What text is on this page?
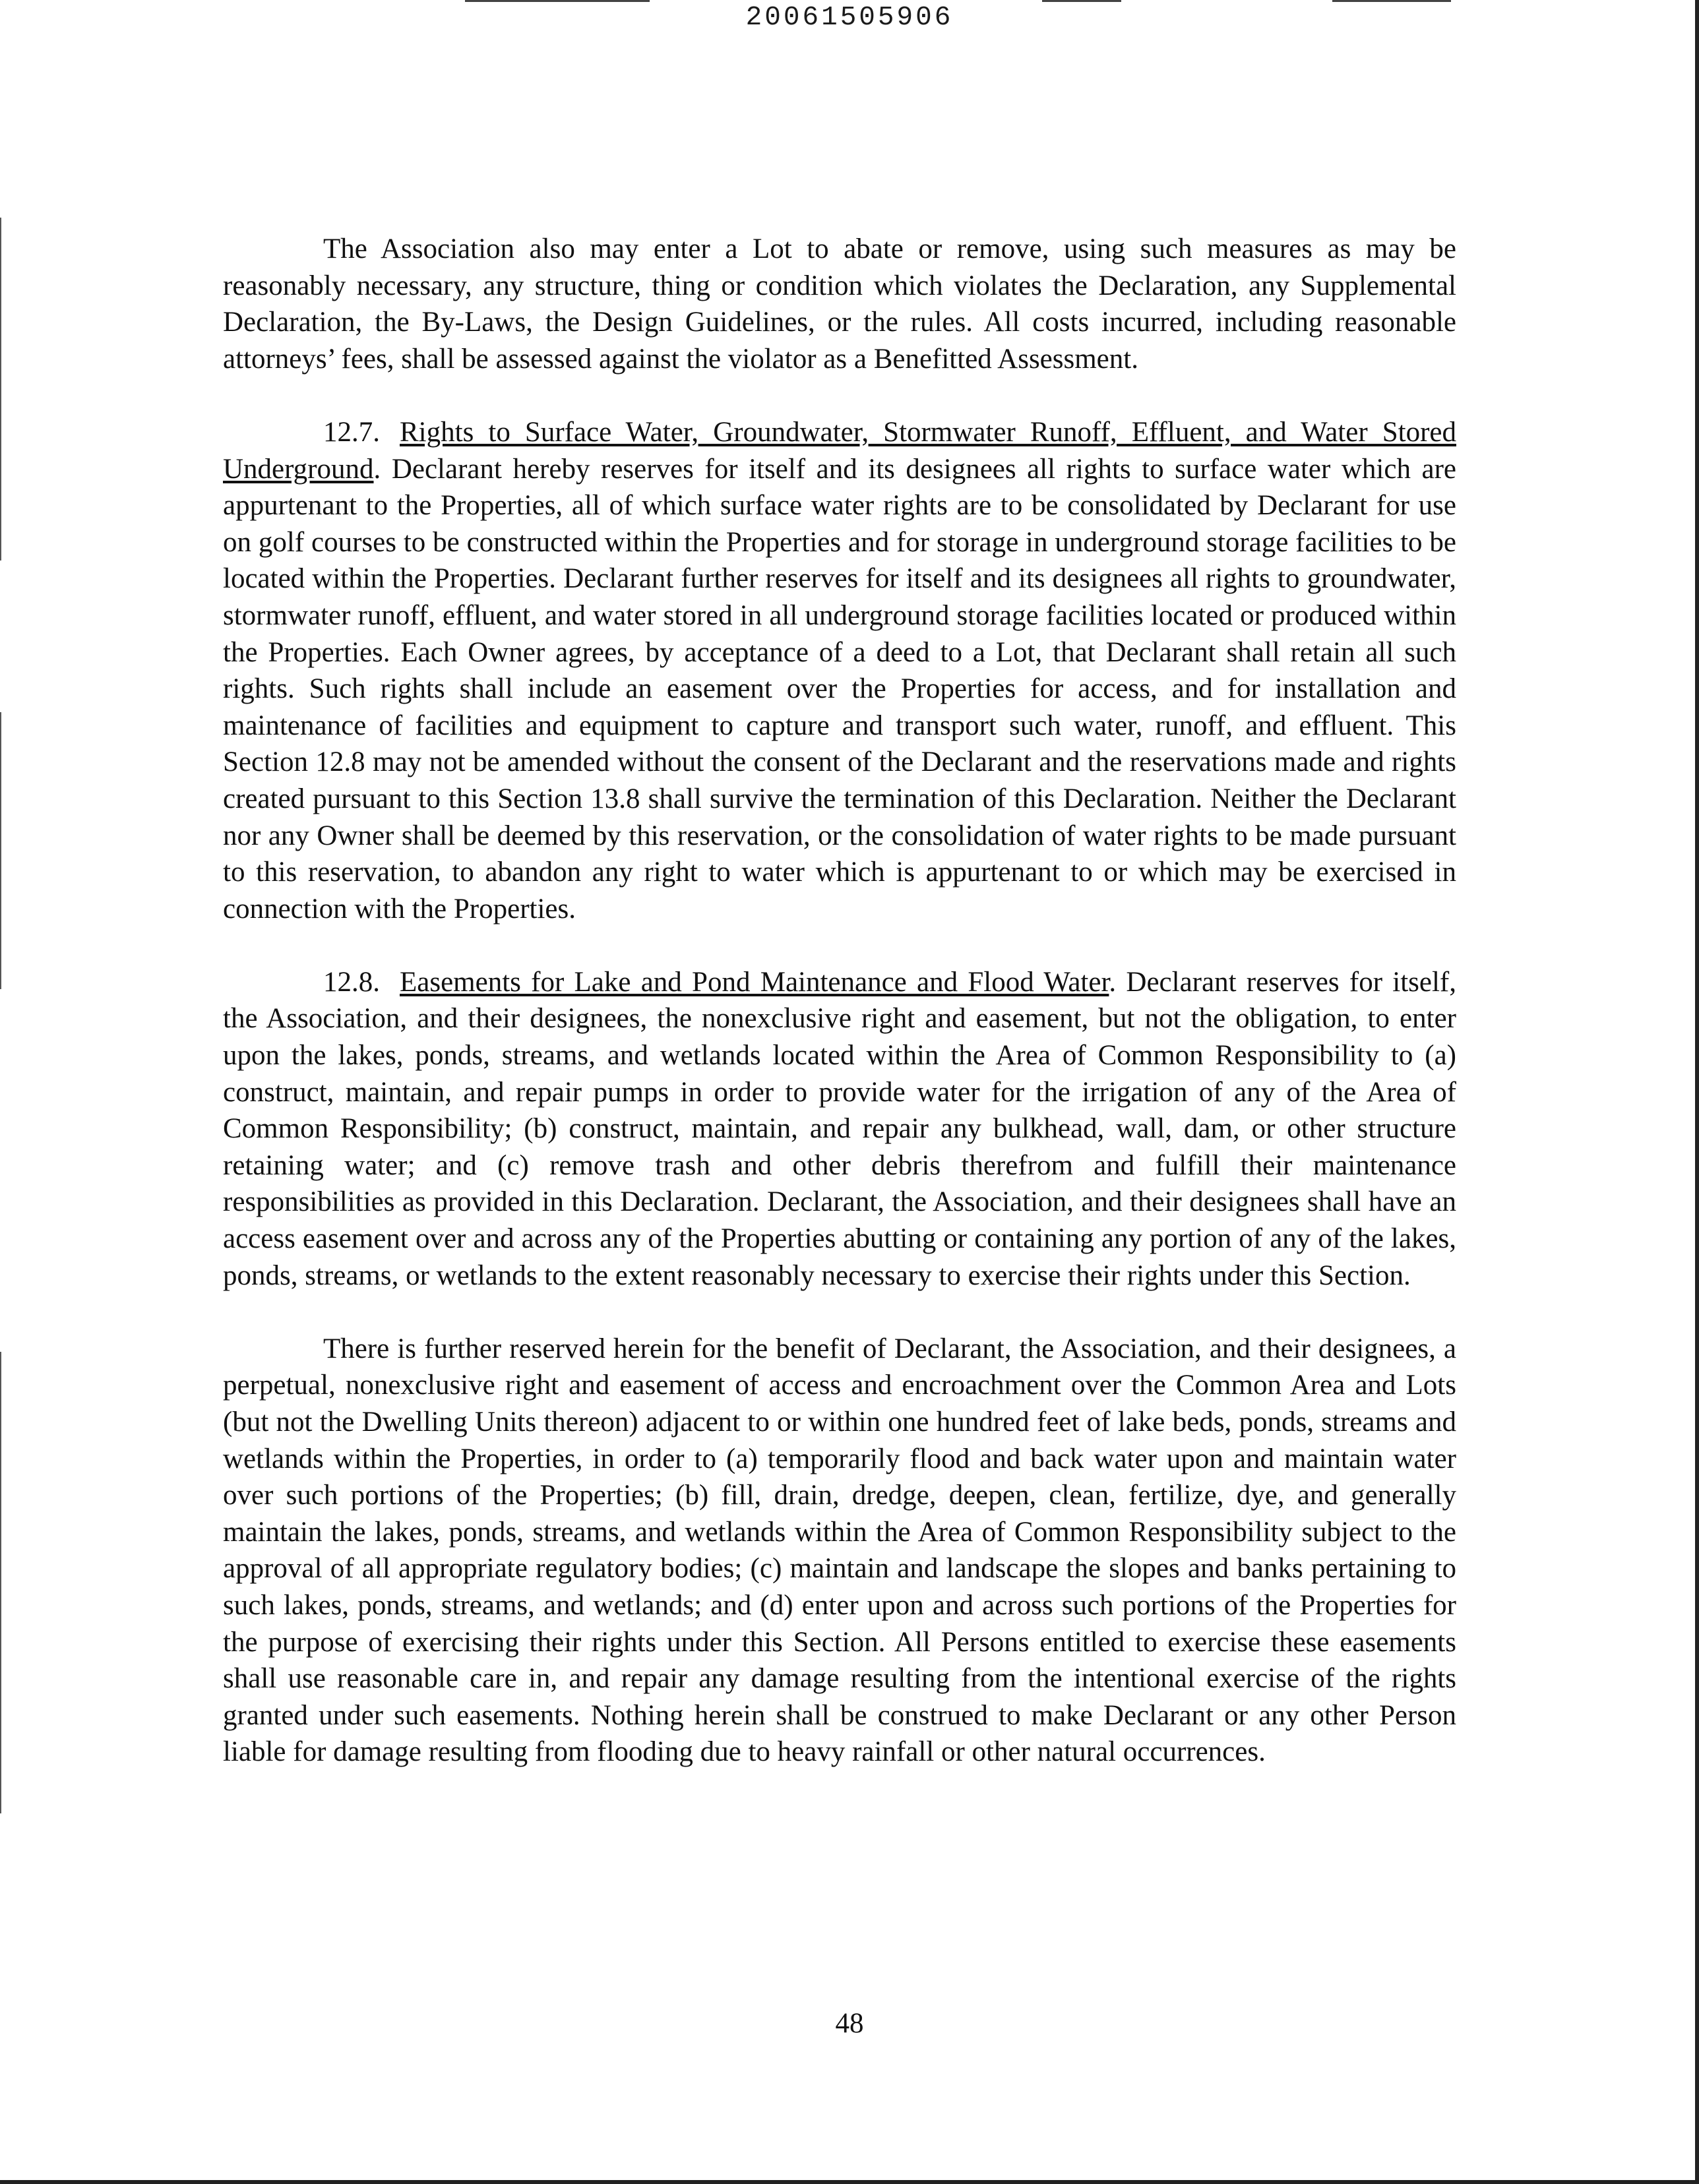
20061505906

The Association also may enter a Lot to abate or remove, using such measures as may be reasonably necessary, any structure, thing or condition which violates the Declaration, any Supplemental Declaration, the By-Laws, the Design Guidelines, or the rules. All costs incurred, including reasonable attorneys’ fees, shall be assessed against the violator as a Benefitted Assessment.

12.7. Rights to Surface Water, Groundwater, Stormwater Runoff, Effluent, and Water Stored Underground. Declarant hereby reserves for itself and its designees all rights to surface water which are appurtenant to the Properties, all of which surface water rights are to be consolidated by Declarant for use on golf courses to be constructed within the Properties and for storage in underground storage facilities to be located within the Properties. Declarant further reserves for itself and its designees all rights to groundwater, stormwater runoff, effluent, and water stored in all underground storage facilities located or produced within the Properties. Each Owner agrees, by acceptance of a deed to a Lot, that Declarant shall retain all such rights. Such rights shall include an easement over the Properties for access, and for installation and maintenance of facilities and equipment to capture and transport such water, runoff, and effluent. This Section 12.8 may not be amended without the consent of the Declarant and the reservations made and rights created pursuant to this Section 13.8 shall survive the termination of this Declaration. Neither the Declarant nor any Owner shall be deemed by this reservation, or the consolidation of water rights to be made pursuant to this reservation, to abandon any right to water which is appurtenant to or which may be exercised in connection with the Properties.

12.8. Easements for Lake and Pond Maintenance and Flood Water. Declarant reserves for itself, the Association, and their designees, the nonexclusive right and easement, but not the obligation, to enter upon the lakes, ponds, streams, and wetlands located within the Area of Common Responsibility to (a) construct, maintain, and repair pumps in order to provide water for the irrigation of any of the Area of Common Responsibility; (b) construct, maintain, and repair any bulkhead, wall, dam, or other structure retaining water; and (c) remove trash and other debris therefrom and fulfill their maintenance responsibilities as provided in this Declaration. Declarant, the Association, and their designees shall have an access easement over and across any of the Properties abutting or containing any portion of any of the lakes, ponds, streams, or wetlands to the extent reasonably necessary to exercise their rights under this Section.

There is further reserved herein for the benefit of Declarant, the Association, and their designees, a perpetual, nonexclusive right and easement of access and encroachment over the Common Area and Lots (but not the Dwelling Units thereon) adjacent to or within one hundred feet of lake beds, ponds, streams and wetlands within the Properties, in order to (a) temporarily flood and back water upon and maintain water over such portions of the Properties; (b) fill, drain, dredge, deepen, clean, fertilize, dye, and generally maintain the lakes, ponds, streams, and wetlands within the Area of Common Responsibility subject to the approval of all appropriate regulatory bodies; (c) maintain and landscape the slopes and banks pertaining to such lakes, ponds, streams, and wetlands; and (d) enter upon and across such portions of the Properties for the purpose of exercising their rights under this Section. All Persons entitled to exercise these easements shall use reasonable care in, and repair any damage resulting from the intentional exercise of the rights granted under such easements. Nothing herein shall be construed to make Declarant or any other Person liable for damage resulting from flooding due to heavy rainfall or other natural occurrences.

48
